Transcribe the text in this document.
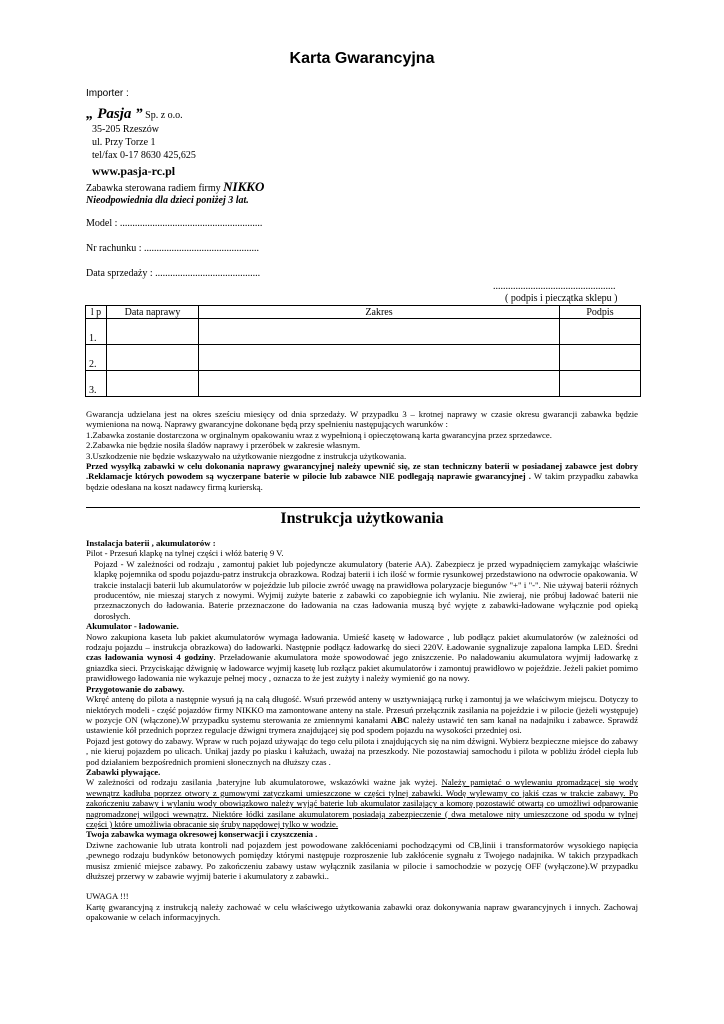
Karta Gwarancyjna
Importer :
„ Pasja ” Sp. z o.o.
35-205 Rzeszów
ul. Przy Torze 1
tel/fax 0-17 8630 425,625
www.pasja-rc.pl
Zabawka sterowana radiem firmy NIKKO
Nieodpowiednia dla dzieci poniżej 3 lat.
Model : .........................................................
Nr rachunku : ..............................................
Data sprzedaży : ..........................................
.................................................
( podpis i pieczątka sklepu )
l p	Data naprawy	Zakres	Podpis
1.			
2.			
3.			

Gwarancja udzielana jest na okres sześciu miesięcy od dnia sprzedaży. W przypadku 3 – krotnej naprawy w czasie okresu gwarancji zabawka będzie wymieniona na nową. Naprawy gwarancyjne dokonane będą przy spełnieniu następujących warunków :

1.Zabawka zostanie dostarczona w orginalnym opakowaniu wraz z wypełnioną i opieczętowaną karta gwarancyjna przez sprzedawce.

2.Zabawka nie będzie nosiła śladów naprawy i przeróbek w zakresie własnym.

3.Uszkodzenie nie będzie wskazywało na użytkowanie niezgodne z instrukcja użytkowania.

Przed wysyłką zabawki w celu dokonania naprawy gwarancyjnej należy upewnić się, ze stan techniczny baterii w posiadanej zabawce jest dobry .Reklamacje których powodem są wyczerpane baterie w pilocie lub zabawce NIE podlegają naprawie gwarancyjnej . W takim przypadku zabawka będzie odesłana na koszt nadawcy firmą kurierską.

Instrukcja użytkowania

Instalacja baterii , akumulatorów :

Pilot - Przesuń klapkę na tylnej części i włóż baterię 9 V.

Pojazd - W zależności od rodzaju , zamontuj pakiet lub pojedyncze akumulatory (baterie AA). Zabezpiecz je przed wypadnięciem zamykając właściwie klapkę pojemnika od spodu pojazdu-patrz instrukcja obrazkowa. Rodzaj baterii i ich ilość w formie rysunkowej przedstawiono na odwrocie opakowania. W trakcie instalacji baterii lub akumulatorów w pojeździe lub pilocie zwróć uwagę na prawidłowa polaryzacje biegunów "+" i "-". Nie używaj baterii różnych producentów, nie mieszaj starych z nowymi. Wyjmij zużyte baterie z zabawki co zapobiegnie ich wylaniu. Nie zwieraj, nie próbuj ładować baterii nie przeznaczonych do ładowania. Baterie przeznaczone do ładowania na czas ładowania muszą być wyjęte z zabawki-ładowane wyłącznie pod opieką dorosłych.

Akumulator - ładowanie.

Nowo zakupiona kaseta lub pakiet akumulatorów wymaga ładowania. Umieść kasetę w ładowarce , lub podłącz pakiet akumulatorów (w zależności od rodzaju pojazdu – instrukcja obrazkowa) do ładowarki. Następnie podłącz ładowarkę do sieci 220V. Ładowanie sygnalizuje zapalona lampka LED. Średni czas ładowania wynosi 4 godziny. Przeładowanie akumulatora może spowodować jego zniszczenie. Po naładowaniu akumulatora wyjmij ładowarkę z gniazdka sieci. Przyciskając dźwignię w ładowarce wyjmij kasetę lub rozłącz pakiet akumulatorów i zamontuj prawidłowo w pojeździe. Jeżeli pakiet pomimo prawidłowego ładowania nie wykazuje pełnej mocy , oznacza to że jest zużyty i należy wymienić go na nowy.

Przygotowanie do zabawy.

Wkręć antenę do pilota a następnie wysuń ją na całą długość. Wsuń przewód anteny w usztywniającą rurkę i zamontuj ja we właściwym miejscu. Dotyczy to niektórych modeli - część pojazdów firmy NIKKO ma zamontowane anteny na stale. Przesuń przełącznik zasilania na pojeździe i w pilocie (jeżeli występuje) w pozycje ON (włączone).W przypadku systemu sterowania ze zmiennymi kanałami ABC należy ustawić ten sam kanał na nadajniku i zabawce. Sprawdź ustawienie kół przednich poprzez regulacje dźwigni trymera znajdującej się pod spodem pojazdu na wysokości przedniej osi.

Pojazd jest gotowy do zabawy. Wpraw w ruch pojazd używając do tego celu pilota i znajdujących się na nim dźwigni. Wybierz bezpieczne miejsce do zabawy , nie kieruj pojazdem po ulicach. Unikaj jazdy po piasku i kałużach, uważaj na przeszkody. Nie pozostawiaj samochodu i pilota w pobliżu źródeł ciepła lub pod działaniem bezpośrednich promieni słonecznych na dłuższy czas .

Zabawki pływające.

W zależności od rodzaju zasilania ,bateryjne lub akumulatorowe, wskazówki ważne jak wyżej. Należy pamiętać o wylewaniu gromadzącej się wody wewnątrz kadłuba poprzez otwory z gumowymi zatyczkami umieszczone w części tylnej zabawki. Wodę wylewamy co jakiś czas w trakcie zabawy. Po zakończeniu zabawy i wylaniu wody obowiązkowo należy wyjąć baterie lub akumulator zasilający a komorę pozostawić otwartą co umożliwi odparowanie nagromadzonej wilgoci wewnątrz. Niektóre łódki zasilane akumulatorem posiadają zabezpieczenie ( dwa metalowe nity umieszczone od spodu w tylnej części ) które umożliwia obracanie się śruby napędowej tylko w wodzie.

Twoja zabawka wymaga okresowej konserwacji i czyszczenia .

Dziwne zachowanie lub utrata kontroli nad pojazdem jest powodowane zakłóceniami pochodzącymi od CB,linii i transformatorów wysokiego napięcia ,pewnego rodzaju budynków betonowych pomiędzy którymi następuje rozproszenie lub zakłócenie sygnału z Twojego nadajnika. W takich przypadkach musisz zmienić miejsce zabawy. Po zakończeniu zabawy ustaw wyłącznik zasilania w pilocie i samochodzie w pozycję OFF (wyłączone).W przypadku dłuższej przerwy w zabawie wyjmij baterie i akumulatory z zabawki..

UWAGA !!!

Kartę gwarancyjną z instrukcją należy zachować w celu właściwego użytkowania zabawki oraz dokonywania napraw gwarancyjnych i innych. Zachowaj opakowanie w celach informacyjnych.
